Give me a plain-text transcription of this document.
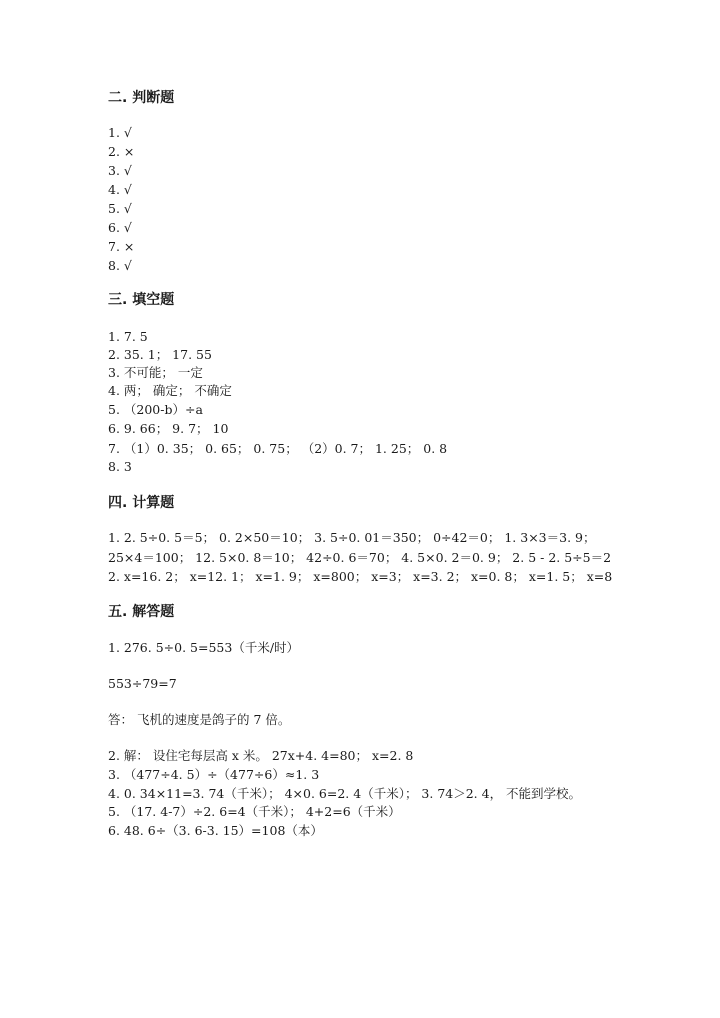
二. 判断题
1. √
2. ×
3. √
4. √
5. √
6. √
7. ×
8. √
三. 填空题
1. 7. 5
2. 35. 1； 17. 55
3. 不可能； 一定
4. 两； 确定； 不确定
5. （200-b）÷a
6. 9. 66； 9. 7； 10
7. （1）0. 35； 0. 65； 0. 75； （2）0. 7； 1. 25； 0. 8
8. 3
四. 计算题
1. 2. 5÷0. 5＝5； 0. 2×50＝10； 3. 5÷0. 01＝350； 0÷42＝0； 1. 3×3＝3. 9；
25×4＝100； 12. 5×0. 8＝10； 42÷0. 6＝70； 4. 5×0. 2＝0. 9； 2. 5 - 2. 5÷5＝2
2. x=16. 2； x=12. 1； x=1. 9； x=800； x=3； x=3. 2； x=0. 8； x=1. 5； x=8
五. 解答题
1. 276. 5÷0. 5=553（千米/时）
553÷79=7
答： 飞机的速度是鸽子的 7 倍。
2. 解： 设住宅每层高 x 米。 27x+4. 4=80； x=2. 8
3. （477÷4. 5）÷（477÷6）≈1. 3
4. 0. 34×11=3. 74（千米）； 4×0. 6=2. 4（千米）； 3. 74＞2. 4， 不能到学校。
5. （17. 4-7）÷2. 6=4（千米）； 4+2=6（千米）
6. 48. 6÷（3. 6-3. 15）=108（本）
